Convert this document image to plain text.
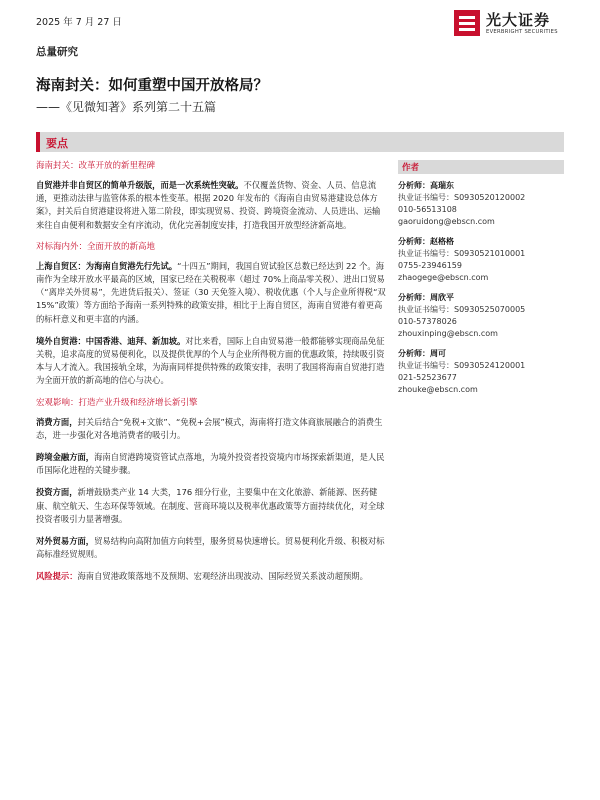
2025 年 7 月 27 日	光大证券
EVERBRIGHT SECURITIES
总量研究
海南封关：如何重塑中国开放格局？
——《见微知著》系列第二十五篇
要点
海南封关：改革开放的新里程碑

自贸港并非自贸区的简单升级版，而是一次系统性突破。不仅覆盖货物、资金、人员、信息流通，更推动法律与监管体系的根本性变革。根据 2020 年发布的《海南自由贸易港建设总体方案》，封关后自贸港建设将进入第二阶段，即实现贸易、投资、跨境资金流动、人员进出、运输来往自由便利和数据安全有序流动，优化完善制度安排，打造我国开放型经济新高地。

对标海内外：全面开放的新高地

上海自贸区：为海南自贸港先行先试。“十四五”期间，我国自贸试验区总数已经达到 22 个。海南作为全球开放水平最高的区域，国家已经在关税税率（超过 70%上商品零关税）、进出口贸易（“离岸关外贸易”，先进货后报关）、签证（30 天免签入境）、税收优惠（个人与企业所得税“双 15%”政策）等方面给予海南一系列特殊的政策安排，相比于上海自贸区，海南自贸港有着更高的标杆意义和更丰富的内涵。

境外自贸港：中国香港、迪拜、新加坡。对比来看，国际上自由贸易港一般都能够实现商品免征关税，追求高度的贸易便利化，以及提供优厚的个人与企业所得税方面的优惠政策，持续吸引资本与人才流入。我国接轨全球，为海南同样提供特殊的政策安排，表明了我国将海南自贸港打造为全面开放的新高地的信心与决心。

宏观影响：打造产业升级和经济增长新引擎

消费方面，封关后结合“免税+文旅”、“免税+会展”模式，海南将打造文体商旅展融合的消费生态，进一步强化对各地消费者的吸引力。

跨境金融方面，海南自贸港跨境资管试点落地，为境外投资者投资境内市场探索新渠道，是人民币国际化进程的关键步骤。

投资方面，新增鼓励类产业 14 大类，176 细分行业，主要集中在文化旅游、新能源、医药健康、航空航天、生态环保等领域。在制度、营商环境以及税率优惠政策等方面持续优化，对全球投资者吸引力显著增强。

对外贸易方面，贸易结构向高附加值方向转型，服务贸易快速增长。贸易便利化升级、积极对标高标准经贸规则。

风险提示：海南自贸港政策落地不及预期、宏观经济出现波动、国际经贸关系波动超预期。

作者
分析师：高瑞东
执业证书编号：S0930520120002
010-56513108
gaoruidong@ebscn.com
分析师：赵格格
执业证书编号：S0930521010001
0755-23946159
zhaogege@ebscn.com
分析师：周欣平
执业证书编号：S0930525070005
010-57378026
zhouxinping@ebscn.com
分析师：周可
执业证书编号：S0930524120001
021-52523677
zhouke@ebscn.com
